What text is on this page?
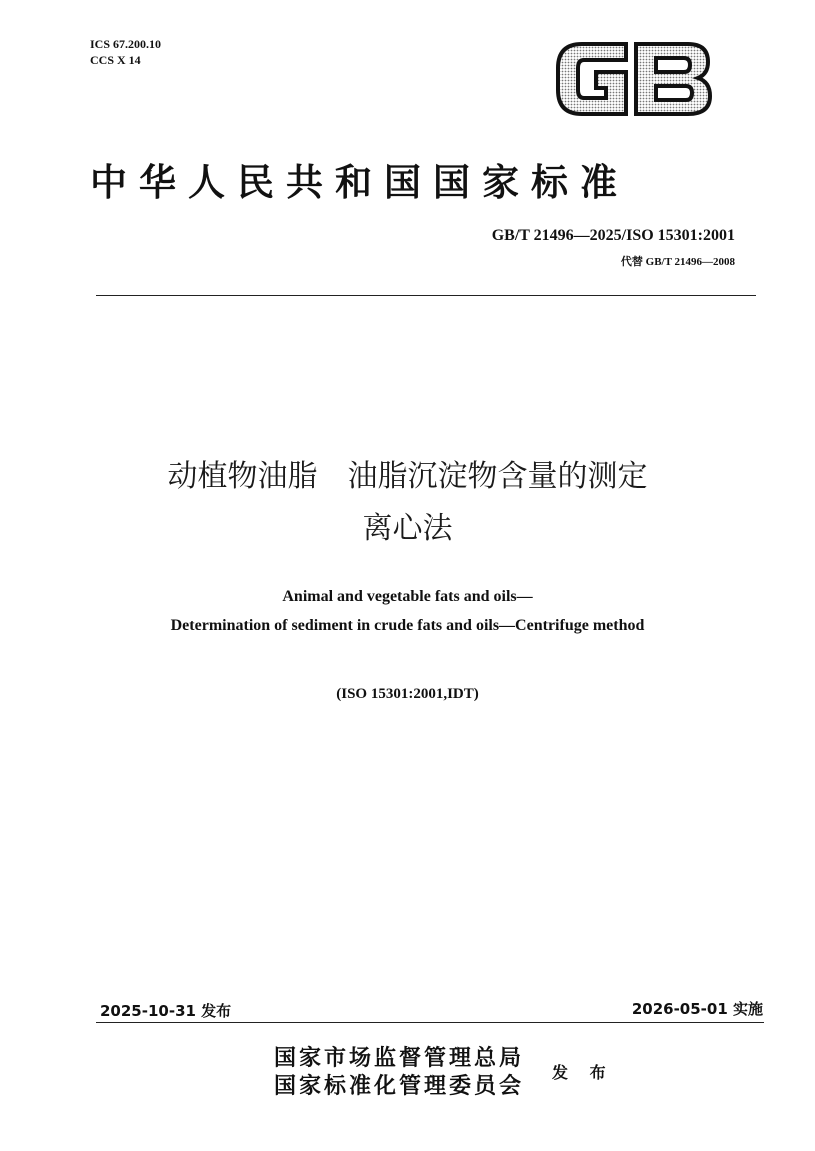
ICS 67.200.10
CCS X 14
中华人民共和国国家标准
GB/T 21496—2025/ISO 15301:2001
代替 GB/T 21496—2008
动植物油脂 油脂沉淀物含量的测定
离心法
Animal and vegetable fats and oils—
Determination of sediment in crude fats and oils—Centrifuge method
(ISO 15301:2001,IDT)
2025-10-31 发布	2026-05-01 实施
国家市场监督管理总局
国家标准化管理委员会
发 布
